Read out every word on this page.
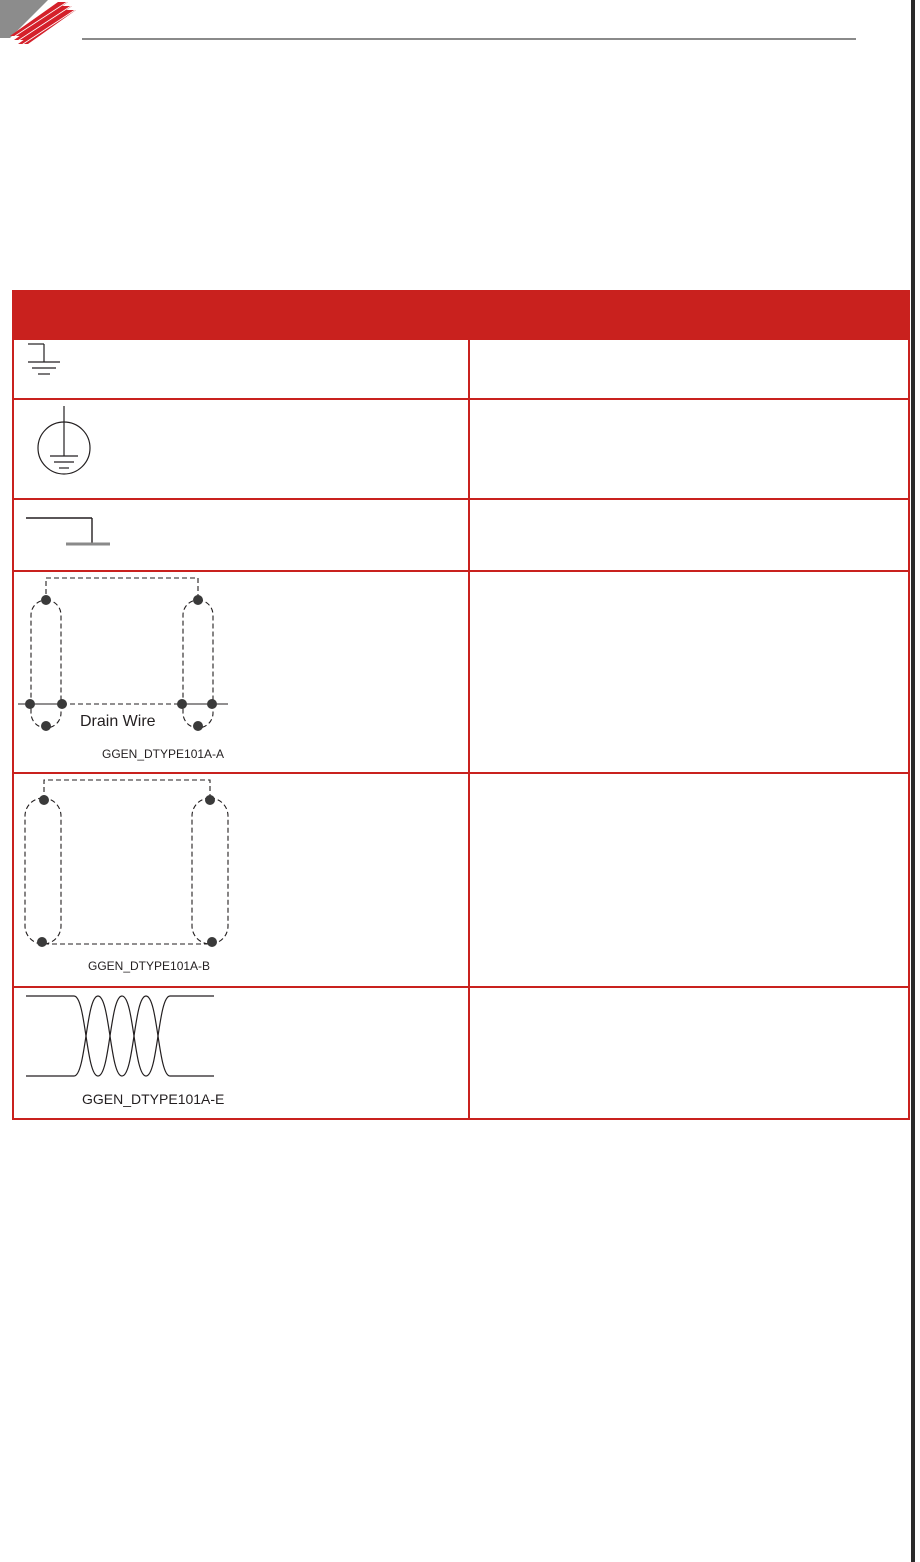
Drain Wire
GGEN_DTYPE101A-A	

GGEN_DTYPE101A-B	

GGEN_DTYPE101A-E	
